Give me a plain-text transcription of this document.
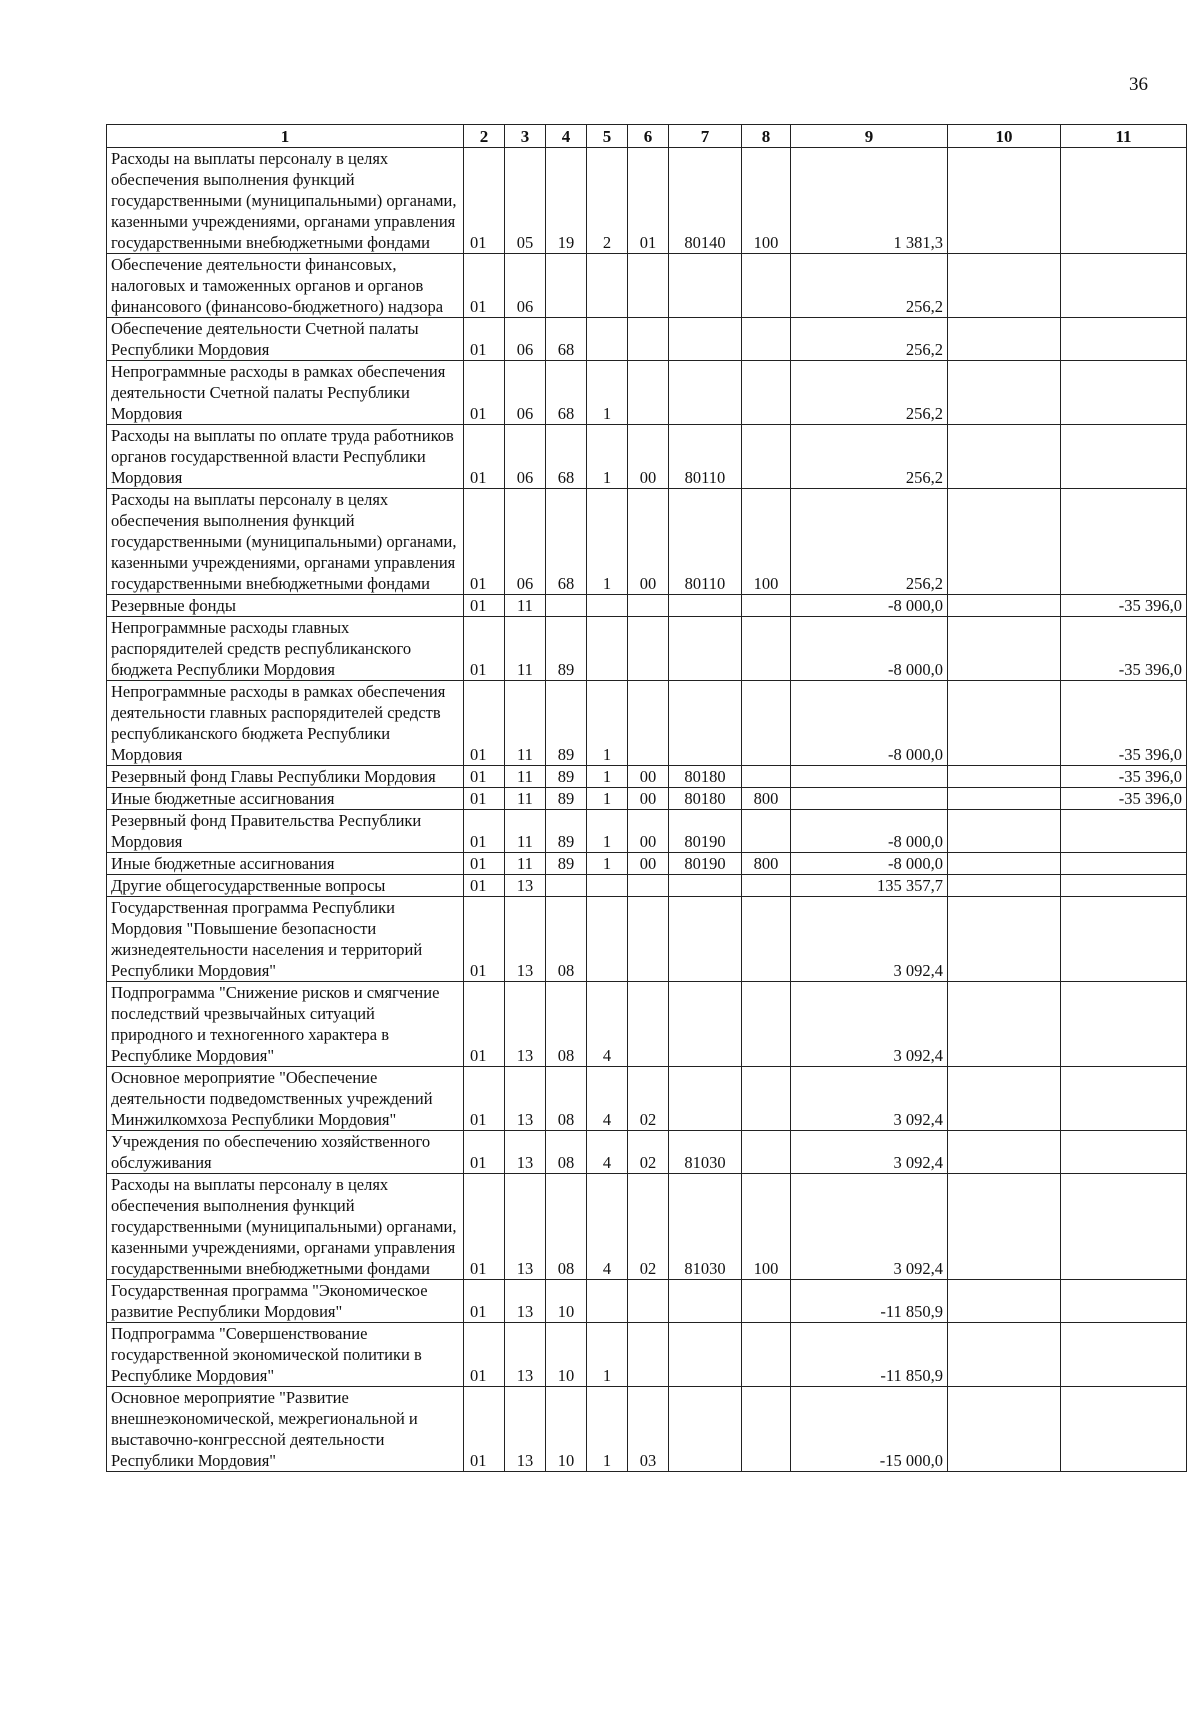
36
1	2	3	4	5	6	7	8	9	10	11
Расходы на выплаты персоналу в целях обеспечения выполнения функций государственными (муниципальными) органами, казенными учреждениями, органами управления государственными внебюджетными фондами	01	05	19	2	01	80140	100	1 381,3		
Обеспечение деятельности финансовых, налоговых и таможенных органов и органов финансового (финансово-бюджетного) надзора	01	06						256,2		
Обеспечение деятельности Счетной палаты Республики Мордовия	01	06	68					256,2		
Непрограммные расходы в рамках обеспечения деятельности Счетной палаты Республики Мордовия	01	06	68	1				256,2		
Расходы на выплаты по оплате труда работников органов государственной власти Республики Мордовия	01	06	68	1	00	80110		256,2		
Расходы на выплаты персоналу в целях обеспечения выполнения функций государственными (муниципальными) органами, казенными учреждениями, органами управления государственными внебюджетными фондами	01	06	68	1	00	80110	100	256,2		
Резервные фонды	01	11						-8 000,0		-35 396,0
Непрограммные расходы главных распорядителей средств республиканского бюджета Республики Мордовия	01	11	89					-8 000,0		-35 396,0
Непрограммные расходы в рамках обеспечения деятельности главных распорядителей средств республиканского бюджета Республики Мордовия	01	11	89	1				-8 000,0		-35 396,0
Резервный фонд Главы Республики Мордовия	01	11	89	1	00	80180				-35 396,0
Иные бюджетные ассигнования	01	11	89	1	00	80180	800			-35 396,0
Резервный фонд Правительства Республики Мордовия	01	11	89	1	00	80190		-8 000,0		
Иные бюджетные ассигнования	01	11	89	1	00	80190	800	-8 000,0		
Другие общегосударственные вопросы	01	13						135 357,7		
Государственная программа Республики Мордовия "Повышение безопасности жизнедеятельности населения и территорий Республики Мордовия"	01	13	08					3 092,4		
Подпрограмма "Снижение рисков и смягчение последствий чрезвычайных ситуаций природного и техногенного характера в Республике Мордовия"	01	13	08	4				3 092,4		
Основное мероприятие "Обеспечение деятельности подведомственных учреждений Минжилкомхоза Республики Мордовия"	01	13	08	4	02			3 092,4		
Учреждения по обеспечению хозяйственного обслуживания	01	13	08	4	02	81030		3 092,4		
Расходы на выплаты персоналу в целях обеспечения выполнения функций государственными (муниципальными) органами, казенными учреждениями, органами управления государственными внебюджетными фондами	01	13	08	4	02	81030	100	3 092,4		
Государственная программа "Экономическое развитие Республики Мордовия"	01	13	10					-11 850,9		
Подпрограмма "Совершенствование государственной экономической политики в Республике Мордовия"	01	13	10	1				-11 850,9		
Основное мероприятие "Развитие внешнеэкономической, межрегиональной и выставочно-конгрессной деятельности Республики Мордовия"	01	13	10	1	03			-15 000,0		
